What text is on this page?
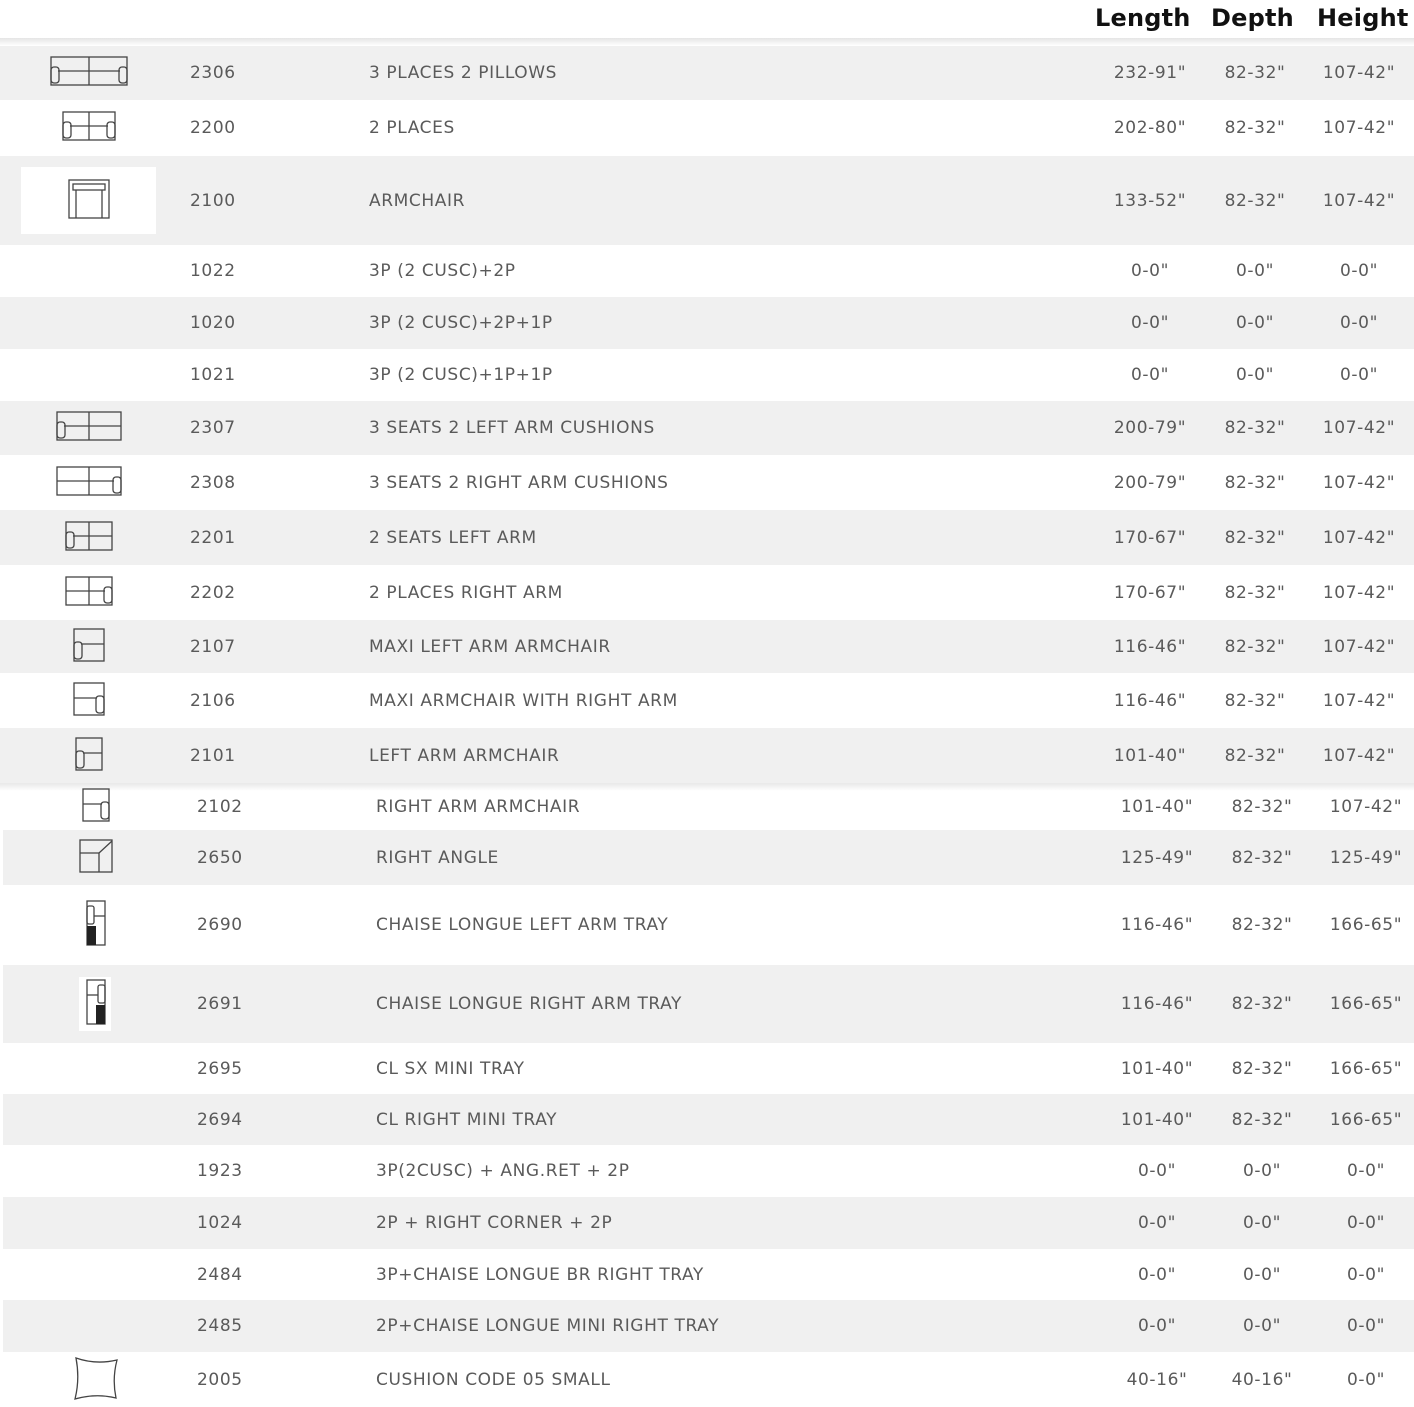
Length Depth Height
2306	3 PLACES 2 PILLOWS	232-91" 82-32" 107-42"
2200	2 PLACES	202-80" 82-32" 107-42"
2100	ARMCHAIR	133-52" 82-32" 107-42"
1022	3P (2 CUSC)+2P	0-0"	0-0"	0-0"
1020	3P (2 CUSC)+2P+1P	0-0"	0-0"	0-0"
1021	3P (2 CUSC)+1P+1P	0-0"	0-0"	0-0"
2307	3 SEATS 2 LEFT ARM CUSHIONS	200-79" 82-32" 107-42"
2308	3 SEATS 2 RIGHT ARM CUSHIONS	200-79" 82-32" 107-42"
2201	2 SEATS LEFT ARM	170-67" 82-32" 107-42"
2202	2 PLACES RIGHT ARM	170-67" 82-32" 107-42"
2107	MAXI LEFT ARM ARMCHAIR	116-46" 82-32" 107-42"
2106	MAXI ARMCHAIR WITH RIGHT ARM	116-46" 82-32" 107-42"
2101	LEFT ARM ARMCHAIR	101-40" 82-32" 107-42"
2102	RIGHT ARM ARMCHAIR	101-40" 82-32" 107-42"
2650	RIGHT ANGLE	125-49" 82-32" 125-49"
2690	CHAISE LONGUE LEFT ARM TRAY	116-46" 82-32" 166-65"
2691	CHAISE LONGUE RIGHT ARM TRAY	116-46" 82-32" 166-65"
2695	CL SX MINI TRAY	101-40" 82-32" 166-65"
2694	CL RIGHT MINI TRAY	101-40" 82-32" 166-65"
1923	3P(2CUSC) + ANG.RET + 2P	0-0"	0-0"	0-0"
1024	2P + RIGHT CORNER + 2P	0-0"	0-0"	0-0"
2484	3P+CHAISE LONGUE BR RIGHT TRAY	0-0"	0-0"	0-0"
2485	2P+CHAISE LONGUE MINI RIGHT TRAY	0-0"	0-0"	0-0"
2005	CUSHION CODE 05 SMALL	40-16"	40-16"	0-0"
